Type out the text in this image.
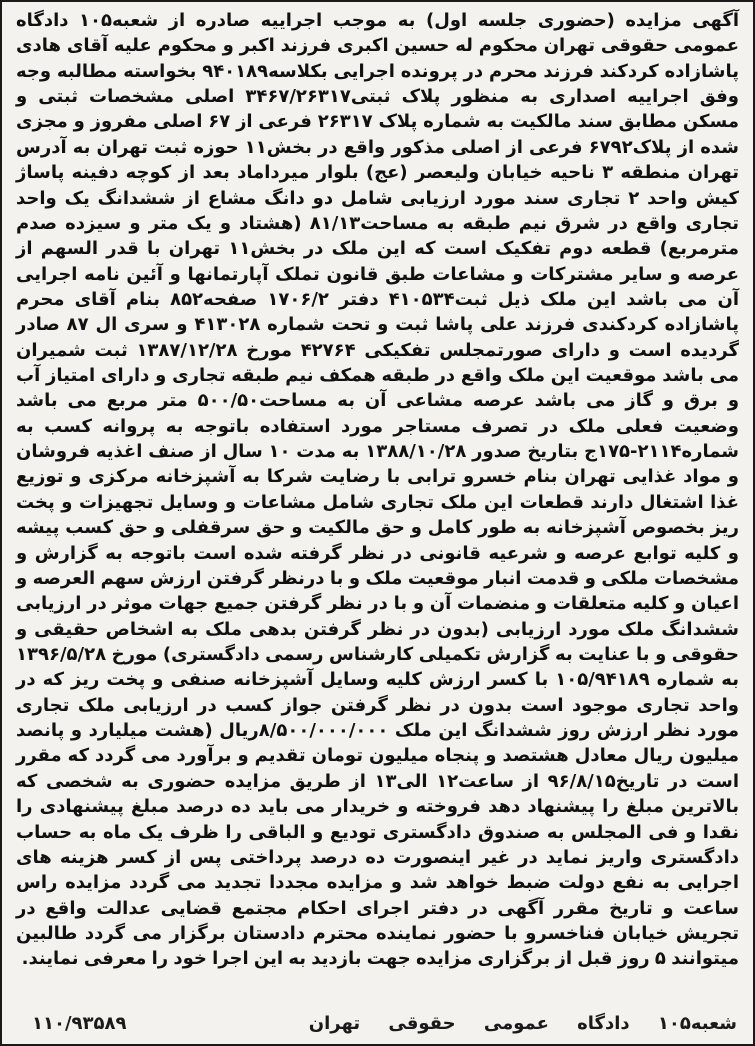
آگهی مزایده (حضوری جلسه اول) به موجب اجراییه صادره از شعبه۱۰۵ دادگاه عمومی حقوقی تهران محکوم له حسین اکبری فرزند اکبر و محکوم علیه آقای هادی پاشازاده کردکند فرزند محرم در پرونده اجرایی بکلاسه۹۴۰۱۸۹ بخواسته مطالبه وجه وفق اجراییه اصداری به منظور پلاک ثبتی۳۴۶۷/۲۶۳۱۷ اصلی مشخصات ثبتی و مسکن مطابق سند مالکیت به شماره پلاک ۲۶۳۱۷ فرعی از ۶۷ اصلی مفروز و مجزی شده از پلاک۶۷۹۲ فرعی از اصلی مذکور واقع در بخش۱۱ حوزه ثبت تهران به آدرس تهران منطقه ۳ ناحیه خیابان ولیعصر (عج) بلوار میرداماد بعد از کوچه دفینه پاساژ کیش واحد ۲ تجاری سند مورد ارزیابی شامل دو دانگ مشاع از ششدانگ یک واحد تجاری واقع در شرق نیم طبقه به مساحت۸۱/۱۳ (هشتاد و یک متر و سیزده صدم مترمربع) قطعه دوم تفکیک است که این ملک در بخش۱۱ تهران با قدر السهم از عرصه و سایر مشترکات و مشاعات طبق قانون تملک آپارتمانها و آئین نامه اجرایی آن می باشد این ملک ذیل ثبت۴۱۰۵۳۴ دفتر ۱۷۰۶/۲ صفحه۸۵۲ بنام آقای محرم پاشازاده کردکندی فرزند علی پاشا ثبت و تحت شماره ۴۱۳۰۲۸ و سری ال ۸۷ صادر گردیده است و دارای صورتمجلس تفکیکی ۴۲۷۶۴ مورخ ۱۳۸۷/۱۲/۲۸ ثبت شمیران می باشد موقعیت این ملک واقع در طبقه همکف نیم طبقه تجاری و دارای امتیاز آب و برق و گاز می باشد عرصه مشاعی آن به مساحت۵۰۰/۵۰ متر مربع می باشد وضعیت فعلی ملک در تصرف مستاجر مورد استفاده باتوجه به پروانه کسب به شماره۲۱۱۴-۱۷۵ج بتاریخ صدور ۱۳۸۸/۱۰/۲۸ به مدت ۱۰ سال از صنف اغذیه فروشان و مواد غذایی تهران بنام خسرو ترابی با رضایت شرکا به آشپزخانه مرکزی و توزیع غذا اشتغال دارند قطعات این ملک تجاری شامل مشاعات و وسایل تجهیزات و پخت ریز بخصوص آشپزخانه به طور کامل و حق مالکیت و حق سرقفلی و حق کسب پیشه و کلیه توابع عرصه و شرعیه قانونی در نظر گرفته شده است باتوجه به گزارش و مشخصات ملکی و قدمت انبار موقعیت ملک و با درنظر گرفتن ارزش سهم العرصه و اعیان و کلیه متعلقات و منضمات آن و با در نظر گرفتن جمیع جهات موثر در ارزیابی ششدانگ ملک مورد ارزیابی (بدون در نظر گرفتن بدهی ملک به اشخاص حقیقی و حقوقی و با عنایت به گزارش تکمیلی کارشناس رسمی دادگستری) مورخ ۱۳۹۶/۵/۲۸ به شماره ۱۰۵/۹۴۱۸۹ با کسر ارزش کلیه وسایل آشپزخانه صنفی و پخت ریز که در واحد تجاری موجود است بدون در نظر گرفتن جواز کسب در ارزیابی ملک تجاری مورد نظر ارزش روز ششدانگ این ملک ۸/۵۰۰/۰۰۰/۰۰۰ریال (هشت میلیارد و پانصد میلیون ریال معادل هشتصد و پنجاه میلیون تومان تقدیم و برآورد می گردد که مقرر است در تاریخ۹۶/۸/۱۵ از ساعت۱۲ الی۱۳ از طریق مزایده حضوری به شخصی که بالاترین مبلغ را پیشنهاد دهد فروخته و خریدار می باید ده درصد مبلغ پیشنهادی را نقدا و فی المجلس به صندوق دادگستری تودیع و الباقی را ظرف یک ماه به حساب دادگستری واریز نماید در غیر اینصورت ده درصد پرداختی پس از کسر هزینه های اجرایی به نفع دولت ضبط خواهد شد و مزایده مجددا تجدید می گردد مزایده راس ساعت و تاریخ مقرر آگهی در دفتر اجرای احکام مجتمع قضایی عدالت واقع در تجریش خیابان فناخسرو با حضور نماینده محترم دادستان برگزار می گردد طالبین میتوانند ۵ روز قبل از برگزاری مزایده جهت بازدید به این اجرا خود را معرفی نمایند.
شعبه۱۰۵ دادگاه عمومی حقوقی تهران
۱۱۰/۹۳۵۸۹
